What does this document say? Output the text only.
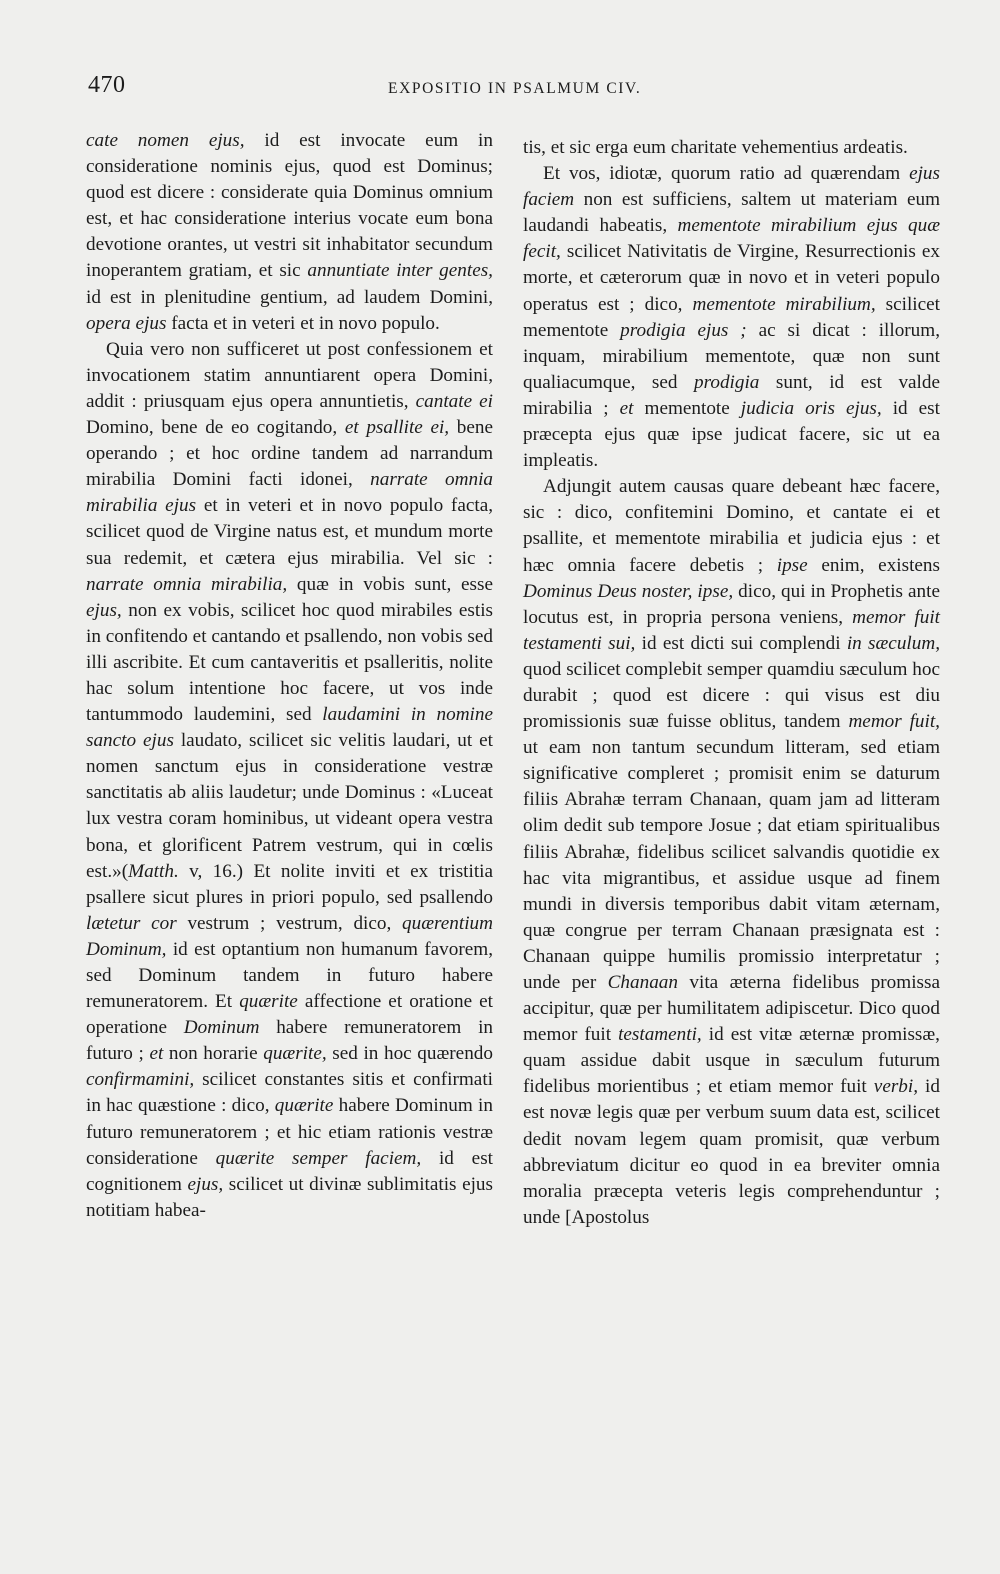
470	EXPOSITIO IN PSALMUM CIV.

cate nomen ejus, id est invocate eum in considerationе nominis ejus, quod est Dominus; quod est dicere : considerate quia Dominus omnium est, et hac consideratione interius vocate eum bona devotione orantes, ut vestri sit inhabitator secundum inoperantem gratiam, et sic annuntiate inter gentes, id est in plenitudine gentium, ad laudem Domini, opera ejus facta et in veteri et in novo populo.

Quia vero non sufficeret ut post confessionem et invocationem statim annuntiarent opera Domini, addit : priusquam ejus opera annuntietis, cantate ei Domino, bene de eo cogitando, et psallite ei, bene operando ; et hoc ordine tandem ad narrandum mirabilia Domini facti idonei, narrate omnia mirabilia ejus et in veteri et in novo populo facta, scilicet quod de Virgine natus est, et mundum morte sua redemit, et cætera ejus mirabilia. Vel sic : narrate omnia mirabilia, quæ in vobis sunt, esse ejus, non ex vobis, scilicet hoc quod mirabiles estis in confitendo et cantando et psallendo, non vobis sed illi ascribite. Et cum cantaveritis et psalleritis, nolite hac solum intentione hoc facere, ut vos inde tantummodo laudemini, sed laudamini in nomine sancto ejus laudato, scilicet sic velitis laudari, ut et nomen sanctum ejus in consideratione vestræ sanctitatis ab aliis laudetur; unde Dominus : «Luceat lux vestra coram hominibus, ut videant opera vestra bona, et glorificent Patrem vestrum, qui in cœlis est.»(Matth. v, 16.) Et nolite inviti et ex tristitia psallere sicut plures in priori populo, sed psallendo lætetur cor vestrum ; vestrum, dico, quærentium Dominum, id est optantium non humanum favorem, sed Dominum tandem in futuro habere remuneratorem. Et quærite affectione et oratione et operatione Dominum habere remuneratorem in futuro ; et non horarie quærite, sed in hoc quærendo confirmamini, scilicet constantes sitis et confirmati in hac quæstione : dico, quærite habere Dominum in futuro remuneratorem ; et hic etiam rationis vestræ consideratione quærite semper faciem, id est cognitionem ejus, scilicet ut divinæ sublimitatis ejus notitiam habea-

tis, et sic erga eum charitate vehementius ardeatis.

Et vos, idiotæ, quorum ratio ad quærendam ejus faciem non est sufficiens, saltem ut materiam eum laudandi habeatis, mementote mirabilium ejus quæ fecit, scilicet Nativitatis de Virgine, Resurrectionis ex morte, et cæterorum quæ in novo et in veteri populo operatus est ; dico, mementote mirabilium, scilicet mementote prodigia ejus ; ac si dicat : illorum, inquam, mirabilium mementote, quæ non sunt qualiacumque, sed prodigia sunt, id est valde mirabilia ; et mementote judicia oris ejus, id est præcepta ejus quæ ipse judicat facere, sic ut ea impleatis.

Adjungit autem causas quare debeant hæc facere, sic : dico, confitemini Domino, et cantate ei et psallite, et mementote mirabilia et judicia ejus : et hæc omnia facere debetis ; ipse enim, existens Dominus Deus noster, ipse, dico, qui in Prophetis ante locutus est, in propria persona veniens, memor fuit testamenti sui, id est dicti sui complendi in sæculum, quod scilicet complebit semper quamdiu sæculum hoc durabit ; quod est dicere : qui visus est diu promissionis suæ fuisse oblitus, tandem memor fuit, ut eam non tantum secundum litteram, sed etiam significative compleret ; promisit enim se daturum filiis Abrahæ terram Chanaan, quam jam ad litteram olim dedit sub tempore Josue ; dat etiam spiritualibus filiis Abrahæ, fidelibus scilicet salvandis quotidie ex hac vita migrantibus, et assidue usque ad finem mundi in diversis temporibus dabit vitam æternam, quæ congrue per terram Chanaan præsignata est : Chanaan quippe humilis promissio interpretatur ; unde per Chanaan vita æterna fidelibus promissa accipitur, quæ per humilitatem adipiscetur. Dico quod memor fuit testamenti, id est vitæ æternæ promissæ, quam assidue dabit usque in sæculum futurum fidelibus morientibus ; et etiam memor fuit verbi, id est novæ legis quæ per verbum suum data est, scilicet dedit novam legem quam promisit, quæ verbum abbreviatum dicitur eo quod in ea breviter omnia moralia præcepta veteris legis comprehenduntur ; unde [Apostolus
